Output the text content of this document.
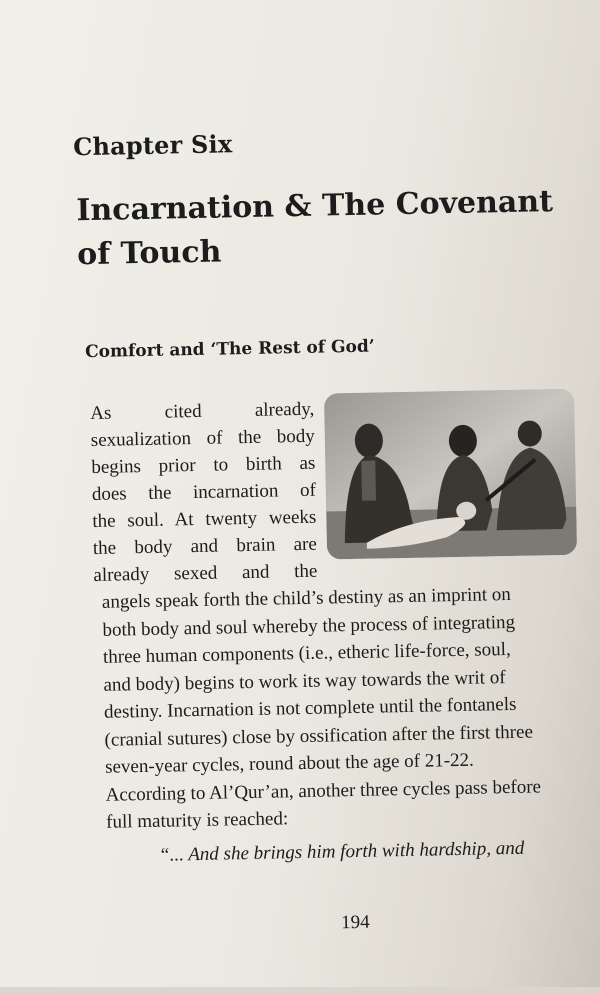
Chapter Six
Incarnation & The Covenant of Touch
Comfort and ‘The Rest of God’
As cited already,
sexualization of the body
begins prior to birth as
does the incarnation of
the soul. At twenty weeks
the body and brain are
already sexed and the
angels speak forth the child’s destiny as an imprint on
both body and soul whereby the process of integrating
three human components (i.e., etheric life-force, soul,
and body) begins to work its way towards the writ of
destiny. Incarnation is not complete until the fontanels
(cranial sutures) close by ossification after the first three
seven-year cycles, round about the age of 21-22.
According to Al’Qur’an, another three cycles pass before
full maturity is reached:
“... And she brings him forth with hardship, and
194
